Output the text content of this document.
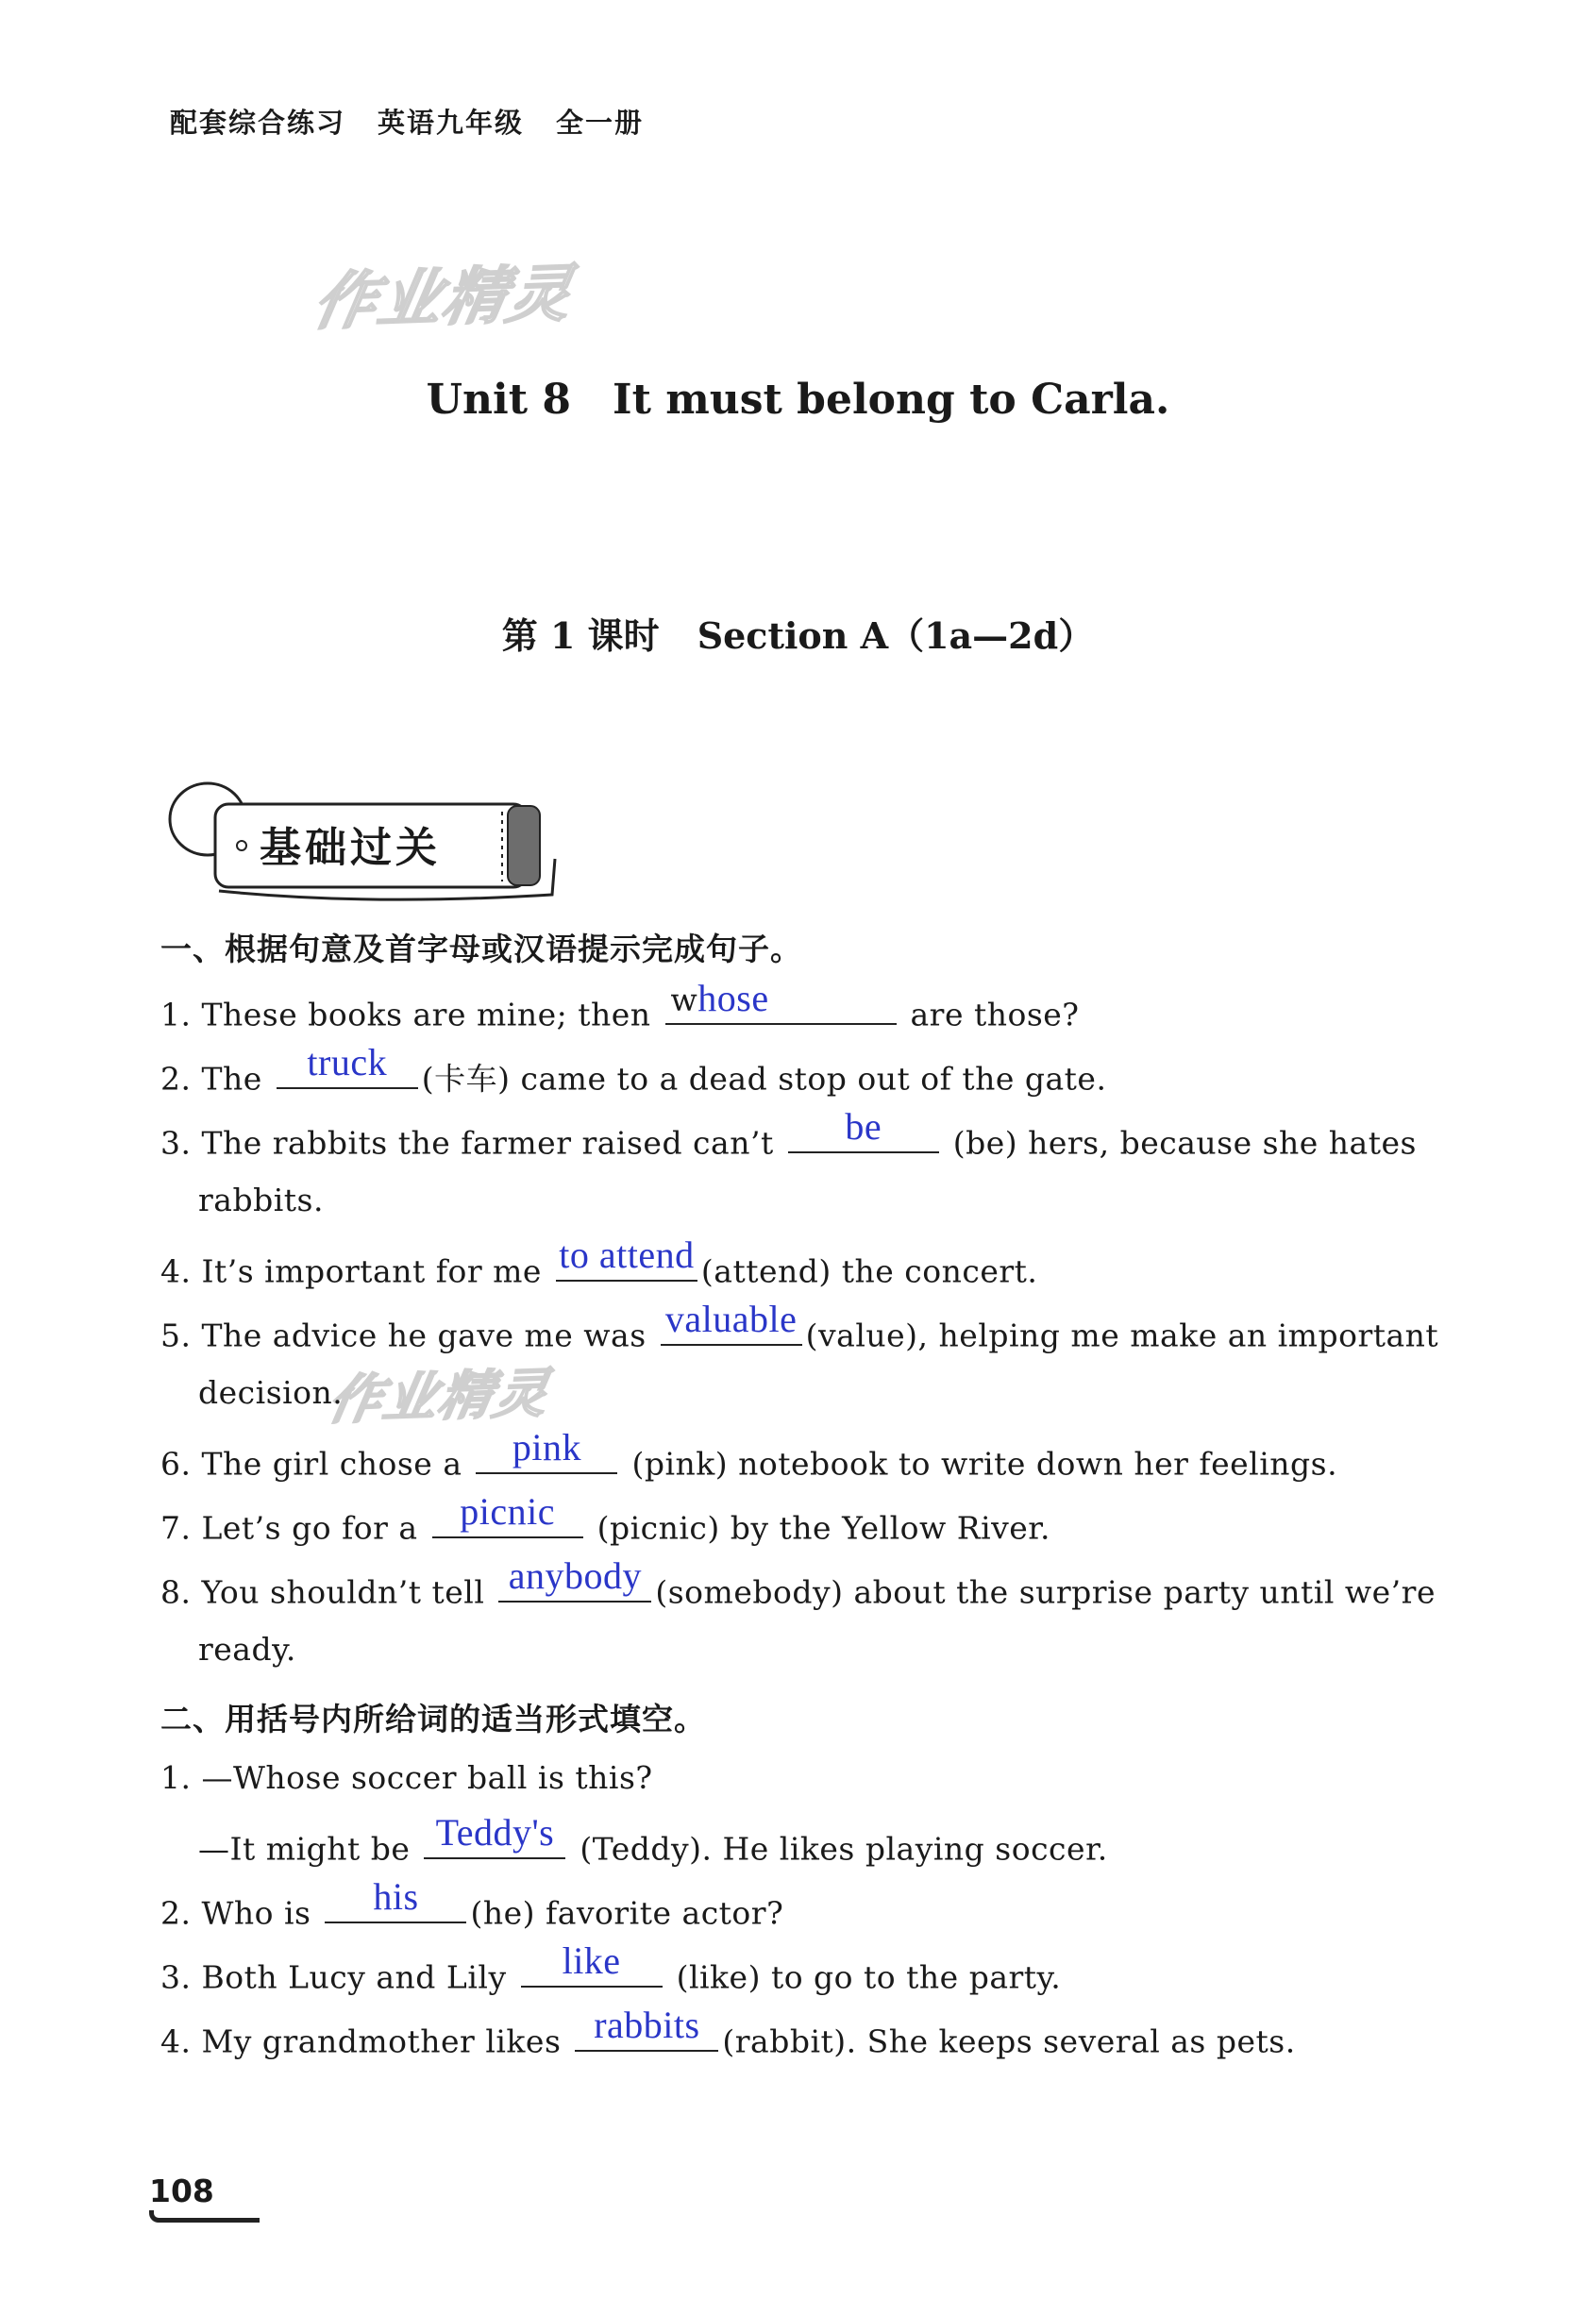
配套综合练习 英语九年级 全一册
作业精灵
作业精灵
Unit 8 It must belong to Carla.
第 1 课时 Section A（1a—2d）
基础过关
一、根据句意及首字母或汉语提示完成句子。
1. These books are mine; then whose	are those?
2. The truck	(卡车) came to a dead stop out of the gate.
3. The rabbits the farmer raised can’t	be	(be) hers, because she hates
rabbits.
4. It’s important for me to attend (attend) the concert.
5. The advice he gave me was valuable (value), helping me make an important
decision.
6. The girl chose a	pink	(pink) notebook to write down her feelings.
7. Let’s go for a picnic	(picnic) by the Yellow River.
8. You shouldn’t tell anybody (somebody) about the surprise party until we’re
ready.
二、用括号内所给词的适当形式填空。
1. —Whose soccer ball is this?
—It might be Teddy's (Teddy). He likes playing soccer.
2. Who is	his	(he) favorite actor?
3. Both Lucy and Lily	like	(like) to go to the party.
4. My grandmother likes rabbits (rabbit). She keeps several as pets.
108
